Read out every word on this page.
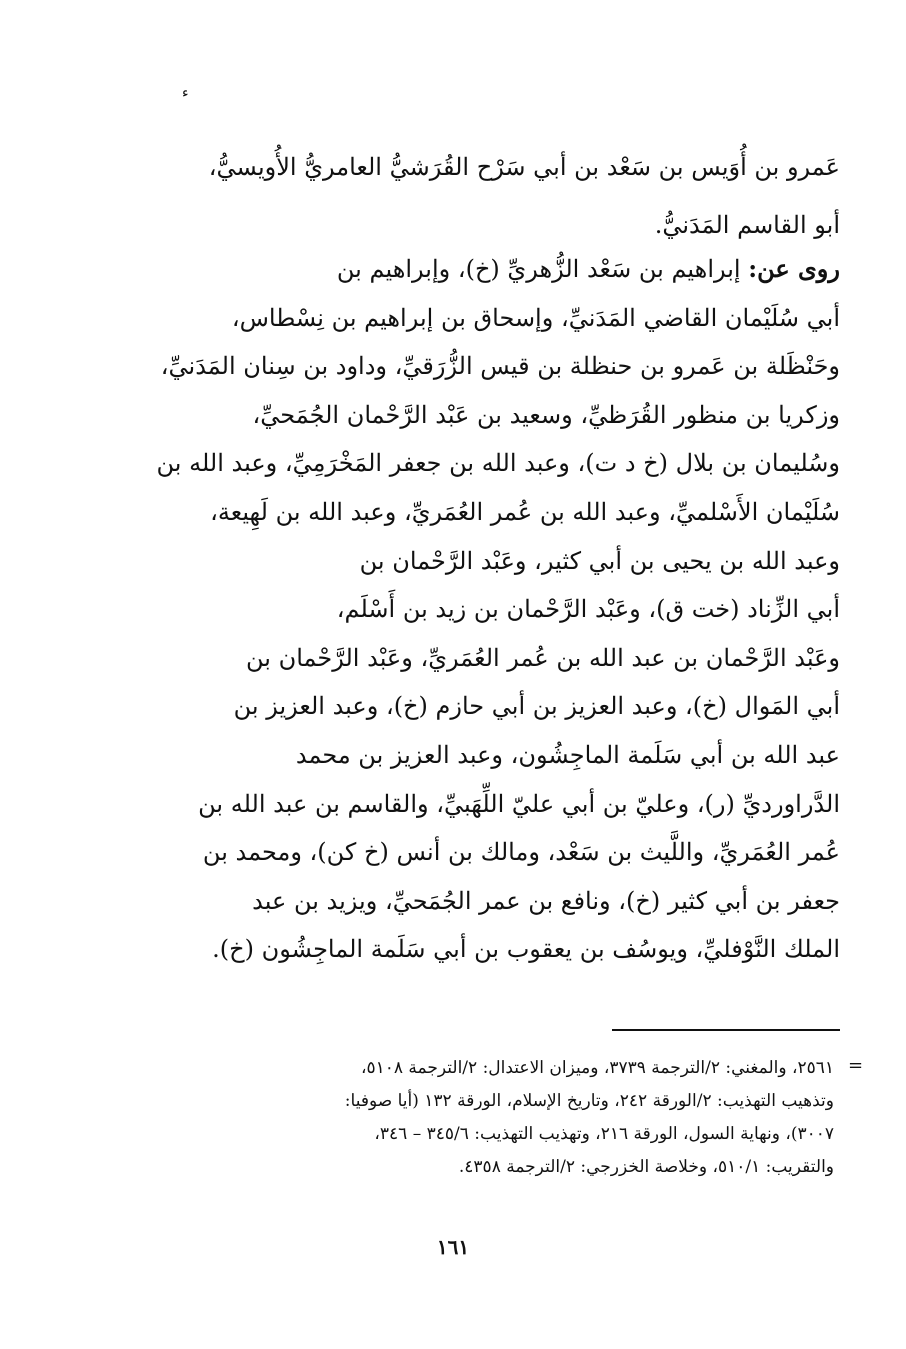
ء
عَمرو بن أُوَيس بن سَعْد بن أبي سَرْح القُرَشيُّ العامريُّ الأُويسيُّ،
أبو القاسم المَدَنيُّ.
روى عن: إبراهيم بن سَعْد الزُّهريِّ (خ)، وإبراهيم بن
أبي سُلَيْمان القاضي المَدَنيِّ، وإسحاق بن إبراهيم بن نِسْطاس،
وحَنْظَلة بن عَمرو بن حنظلة بن قيس الزُّرَقيِّ، وداود بن سِنان المَدَنيِّ،
وزكريا بن منظور القُرَظيِّ، وسعيد بن عَبْد الرَّحْمان الجُمَحيِّ،
وسُليمان بن بلال (خ د ت)، وعبد الله بن جعفر المَخْرَمِيِّ، وعبد الله بن
سُلَيْمان الأَسْلميِّ، وعبد الله بن عُمر العُمَريِّ، وعبد الله بن لَهِيعة،
وعبد الله بن يحيى بن أبي كثير، وعَبْد الرَّحْمان بن
أبي الزِّناد (خت ق)، وعَبْد الرَّحْمان بن زيد بن أَسْلَم،
وعَبْد الرَّحْمان بن عبد الله بن عُمر العُمَريِّ، وعَبْد الرَّحْمان بن
أبي المَوال (خ)، وعبد العزيز بن أبي حازم (خ)، وعبد العزيز بن
عبد الله بن أبي سَلَمة الماجِشُون، وعبد العزيز بن محمد
الدَّراورديِّ (ر)، وعليّ بن أبي عليّ اللِّهَبيِّ، والقاسم بن عبد الله بن
عُمر العُمَريِّ، واللَّيث بن سَعْد، ومالك بن أنس (خ كن)، ومحمد بن
جعفر بن أبي كثير (خ)، ونافع بن عمر الجُمَحيِّ، ويزيد بن عبد
الملك النَّوْفليِّ، ويوسُف بن يعقوب بن أبي سَلَمة الماجِشُون (خ).
=
٢٥٦١، والمغني: ٢/الترجمة ٣٧٣٩، وميزان الاعتدال: ٢/الترجمة ٥١٠٨،
وتذهيب التهذيب: ٢/الورقة ٢٤٢، وتاريخ الإسلام، الورقة ١٣٢ (أيا صوفيا:
٣٠٠٧)، ونهاية السول، الورقة ٢١٦، وتهذيب التهذيب: ٣٤٥/٦ – ٣٤٦،
والتقريب: ٥١٠/١، وخلاصة الخزرجي: ٢/الترجمة ٤٣٥٨.
١٦١
